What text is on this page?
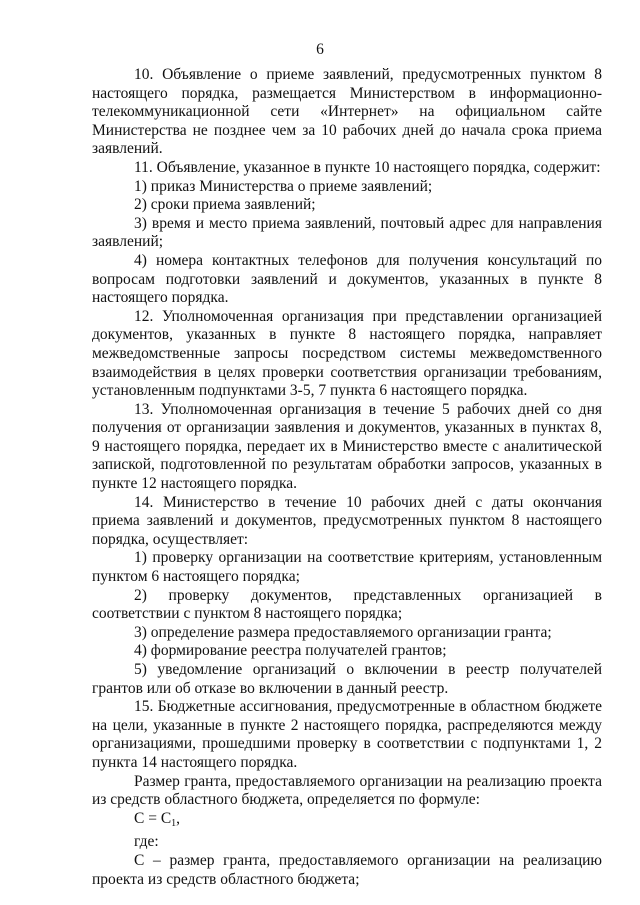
6

10. Объявление о приеме заявлений, предусмотренных пунктом 8 настоящего порядка, размещается Министерством в информационно-телекоммуникационной сети «Интернет» на официальном сайте Министерства не позднее чем за 10 рабочих дней до начала срока приема заявлений.

11. Объявление, указанное в пункте 10 настоящего порядка, содержит:

1) приказ Министерства о приеме заявлений;

2) сроки приема заявлений;

3) время и место приема заявлений, почтовый адрес для направления заявлений;

4) номера контактных телефонов для получения консультаций по вопросам подготовки заявлений и документов, указанных в пункте 8 настоящего порядка.

12. Уполномоченная организация при представлении организацией документов, указанных в пункте 8 настоящего порядка, направляет межведомственные запросы посредством системы межведомственного взаимодействия в целях проверки соответствия организации требованиям, установленным подпунктами 3-5, 7 пункта 6 настоящего порядка.

13. Уполномоченная организация в течение 5 рабочих дней со дня получения от организации заявления и документов, указанных в пунктах 8, 9 настоящего порядка, передает их в Министерство вместе с аналитической запиской, подготовленной по результатам обработки запросов, указанных в пункте 12 настоящего порядка.

14. Министерство в течение 10 рабочих дней с даты окончания приема заявлений и документов, предусмотренных пунктом 8 настоящего порядка, осуществляет:

1) проверку организации на соответствие критериям, установленным пунктом 6 настоящего порядка;

2) проверку документов, представленных организацией в соответствии с пунктом 8 настоящего порядка;

3) определение размера предоставляемого организации гранта;

4) формирование реестра получателей грантов;

5) уведомление организаций о включении в реестр получателей грантов или об отказе во включении в данный реестр.

15. Бюджетные ассигнования, предусмотренные в областном бюджете на цели, указанные в пункте 2 настоящего порядка, распределяются между организациями, прошедшими проверку в соответствии с подпунктами 1, 2 пункта 14 настоящего порядка.

Размер гранта, предоставляемого организации на реализацию проекта из средств областного бюджета, определяется по формуле:

$C = C_1$,

где:

C – размер гранта, предоставляемого организации на реализацию проекта из средств областного бюджета;
